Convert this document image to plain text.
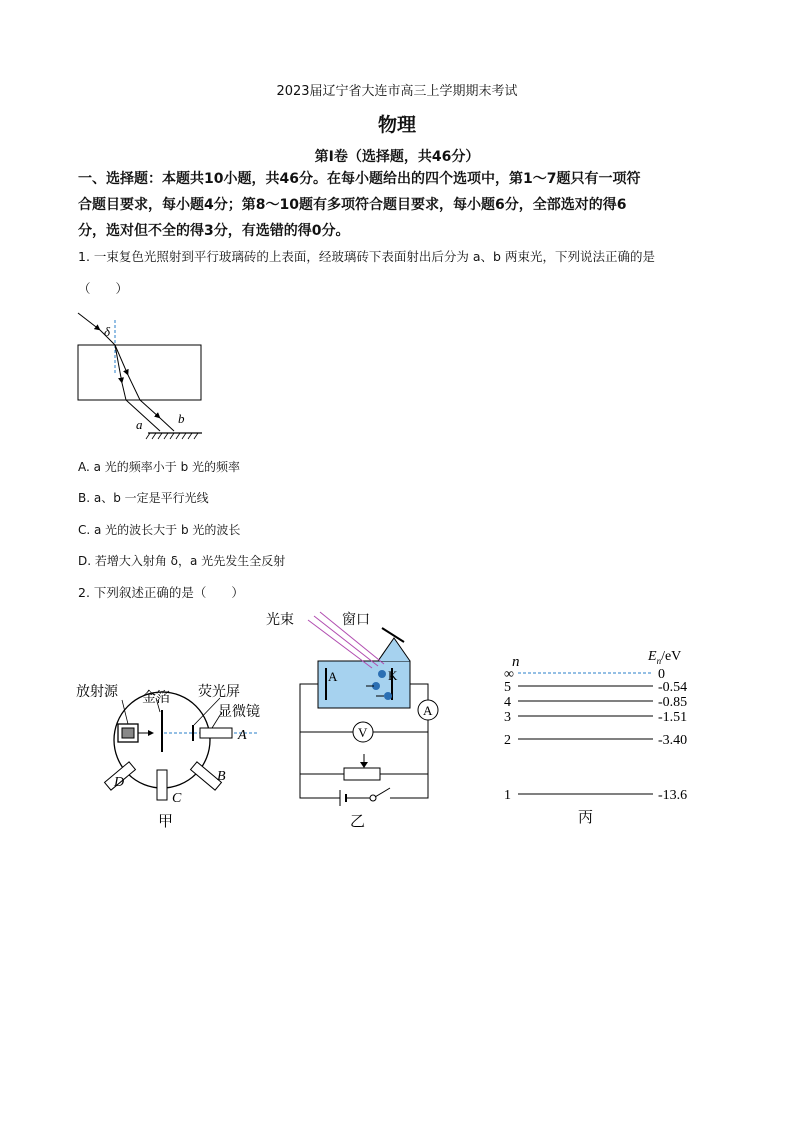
2023届辽宁省大连市高三上学期期末考试
物理
第Ⅰ卷（选择题，共46分）
一、选择题：本题共10小题，共46分。在每小题给出的四个选项中，第1～7题只有一项符
合题目要求，每小题4分；第8～10题有多项符合题目要求，每小题6分，全部选对的得6
分，选对但不全的得3分，有选错的得0分。
1. 一束复色光照射到平行玻璃砖的上表面，经玻璃砖下表面射出后分为 a、b 两束光，下列说法正确的是
（　　）
δ
a	b
A. a 光的频率小于 b 光的频率
B. a、b 一定是平行光线
C. a 光的波长大于 b 光的波长
D. 若增大入射角 δ，a 光先发生全反射
2. 下列叙述正确的是（　　）
放射源 金箔 荧光屏
显微镜
A
B
C
D
甲
A	K
A
V
光束	窗口
乙
n	$E_n/eV$
∞	0
5	-0.54
4	-0.85
3	-1.51
2	-3.40
1	-13.6
丙
